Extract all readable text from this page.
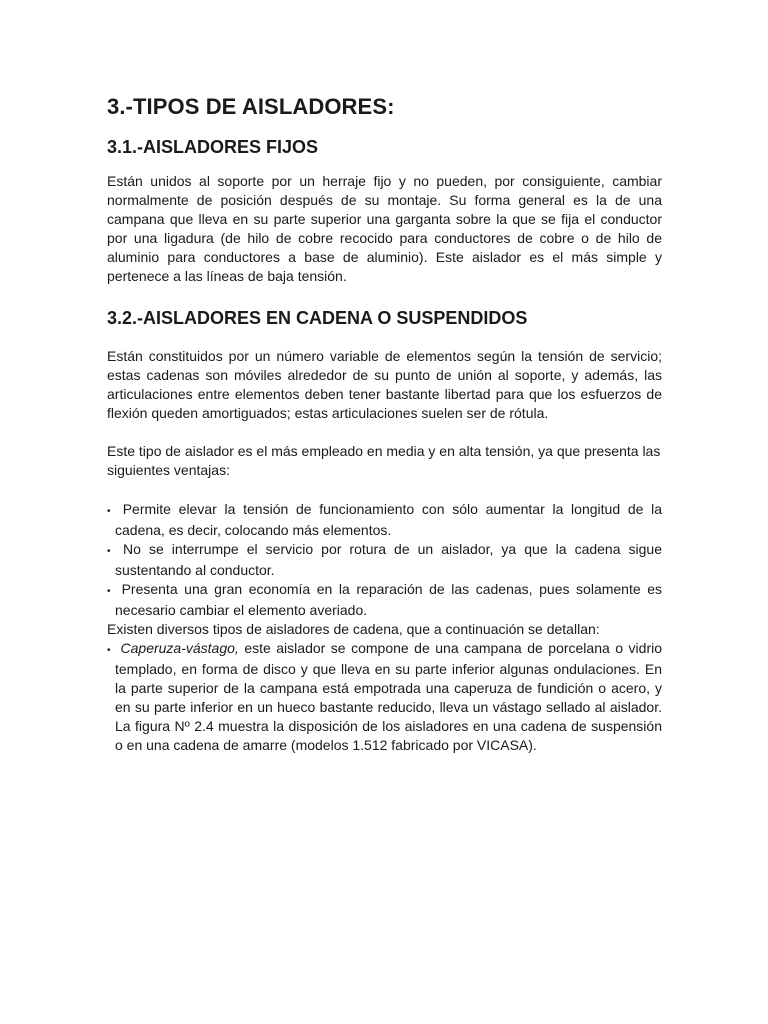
3.-TIPOS DE AISLADORES:
3.1.-AISLADORES FIJOS

Están unidos al soporte por un herraje fijo y no pueden, por consiguiente, cambiar normalmente de posición después de su montaje. Su forma general es la de una campana que lleva en su parte superior una garganta sobre la que se fija el conductor por una ligadura (de hilo de cobre recocido para conductores de cobre o de hilo de aluminio para conductores a base de aluminio). Este aislador es el más simple y pertenece a las líneas de baja tensión.

3.2.-AISLADORES EN CADENA O SUSPENDIDOS

Están constituidos por un número variable de elementos según la tensión de servicio; estas cadenas son móviles alrededor de su punto de unión al soporte, y además, las articulaciones entre elementos deben tener bastante libertad para que los esfuerzos de flexión queden amortiguados; estas articulaciones suelen ser de rótula.

Este tipo de aislador es el más empleado en media y en alta tensión, ya que presenta las siguientes ventajas:

• Permite elevar la tensión de funcionamiento con sólo aumentar la longitud de la cadena, es decir, colocando más elementos.
• No se interrumpe el servicio por rotura de un aislador, ya que la cadena sigue sustentando al conductor.
• Presenta una gran economía en la reparación de las cadenas, pues solamente es necesario cambiar el elemento averiado.
Existen diversos tipos de aisladores de cadena, que a continuación se detallan:
• Caperuza-vástago, este aislador se compone de una campana de porcelana o vidrio templado, en forma de disco y que lleva en su parte inferior algunas ondulaciones. En la parte superior de la campana está empotrada una caperuza de fundición o acero, y en su parte inferior en un hueco bastante reducido, lleva un vástago sellado al aislador. La figura Nº 2.4 muestra la disposición de los aisladores en una cadena de suspensión o en una cadena de amarre (modelos 1.512 fabricado por VICASA).
